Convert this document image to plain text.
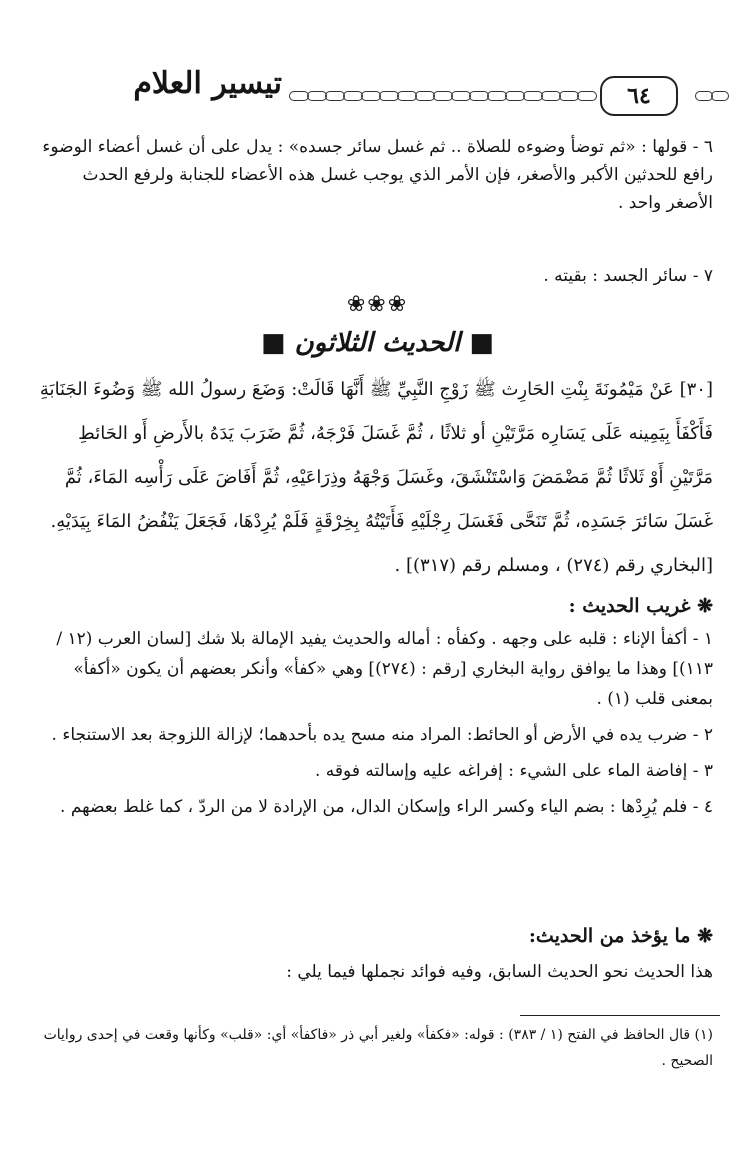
تيسير العلام	٦٤
٦ - قولها : «ثم توضأ وضوءه للصلاة .. ثم غسل سائر جسده» : يدل على أن غسل أعضاء الوضوء رافع للحدثين الأكبر والأصغر، فإن الأمر الذي يوجب غسل هذه الأعضاء للجنابة ولرفع الحدث الأصغر واحد .
٧ - سائر الجسد : بقيته .
❀❀❀
■ الحديث الثلاثون ■
[٣٠] عَنْ مَيْمُونَةَ بِنْتِ الحَارِث ﷺ زَوْجِ النَّبِيِّ ﷺ أَنَّهَا قَالَتْ: وَضَعَ رسولُ الله ﷺ وَضُوءَ الجَنَابَةِ فَأَكْفَأَ بِيَمِينه عَلَى يَسَارِه مَرَّتَيْنِ أو ثلاثًا ، ثُمَّ غَسَلَ فَرْجَهُ، ثُمَّ ضَرَبَ يَدَهُ بالأَرضِ أَو الحَائطِ مَرَّتَيْنِ أَوْ ثَلاثًا ثُمَّ مَضْمَضَ وَاسْتَنْشَقَ، وغَسَلَ وَجْهَهُ وذِرَاعَيْهِ، ثُمَّ أَفَاضَ عَلَى رَأْسِه المَاءَ، ثُمَّ غَسَلَ سَائرَ جَسَدِه، ثُمَّ تَنَحَّى فَغَسَلَ رِجْلَيْهِ فَأَتَيْتُهُ بِخِرْقَةٍ فَلَمْ يُرِدْهَا، فَجَعَلَ يَنْفُضُ المَاءَ بِيَدَيْهِ. [البخاري رقم (٢٧٤) ، ومسلم رقم (٣١٧)] .
❋ غريب الحديث :

١ - أكفأ الإناء : قلبه على وجهه . وكفأه : أماله والحديث يفيد الإمالة بلا شك [لسان العرب (١٢ / ١١٣)] وهذا ما يوافق رواية البخاري [رقم : (٢٧٤)] وهي «كفأ» وأنكر بعضهم أن يكون «أكفأ» بمعنى قلب (١) .

٢ - ضرب يده في الأرض أو الحائط: المراد منه مسح يده بأحدهما؛ لإزالة اللزوجة بعد الاستنجاء .

٣ - إفاضة الماء على الشيء : إفراغه عليه وإسالته فوقه .

٤ - فلم يُرِدْها : بضم الياء وكسر الراء وإسكان الدال، من الإرادة لا من الردّ ، كما غلط بعضهم .

❋ ما يؤخذ من الحديث:
هذا الحديث نحو الحديث السابق، وفيه فوائد نجملها فيما يلي :
(١) قال الحافظ في الفتح (١ / ٣٨٣) : قوله: «فكفأ» ولغير أبي ذر «فاكفأ» أي: «قلب» وكأنها وقعت في إحدى روايات الصحيح .
